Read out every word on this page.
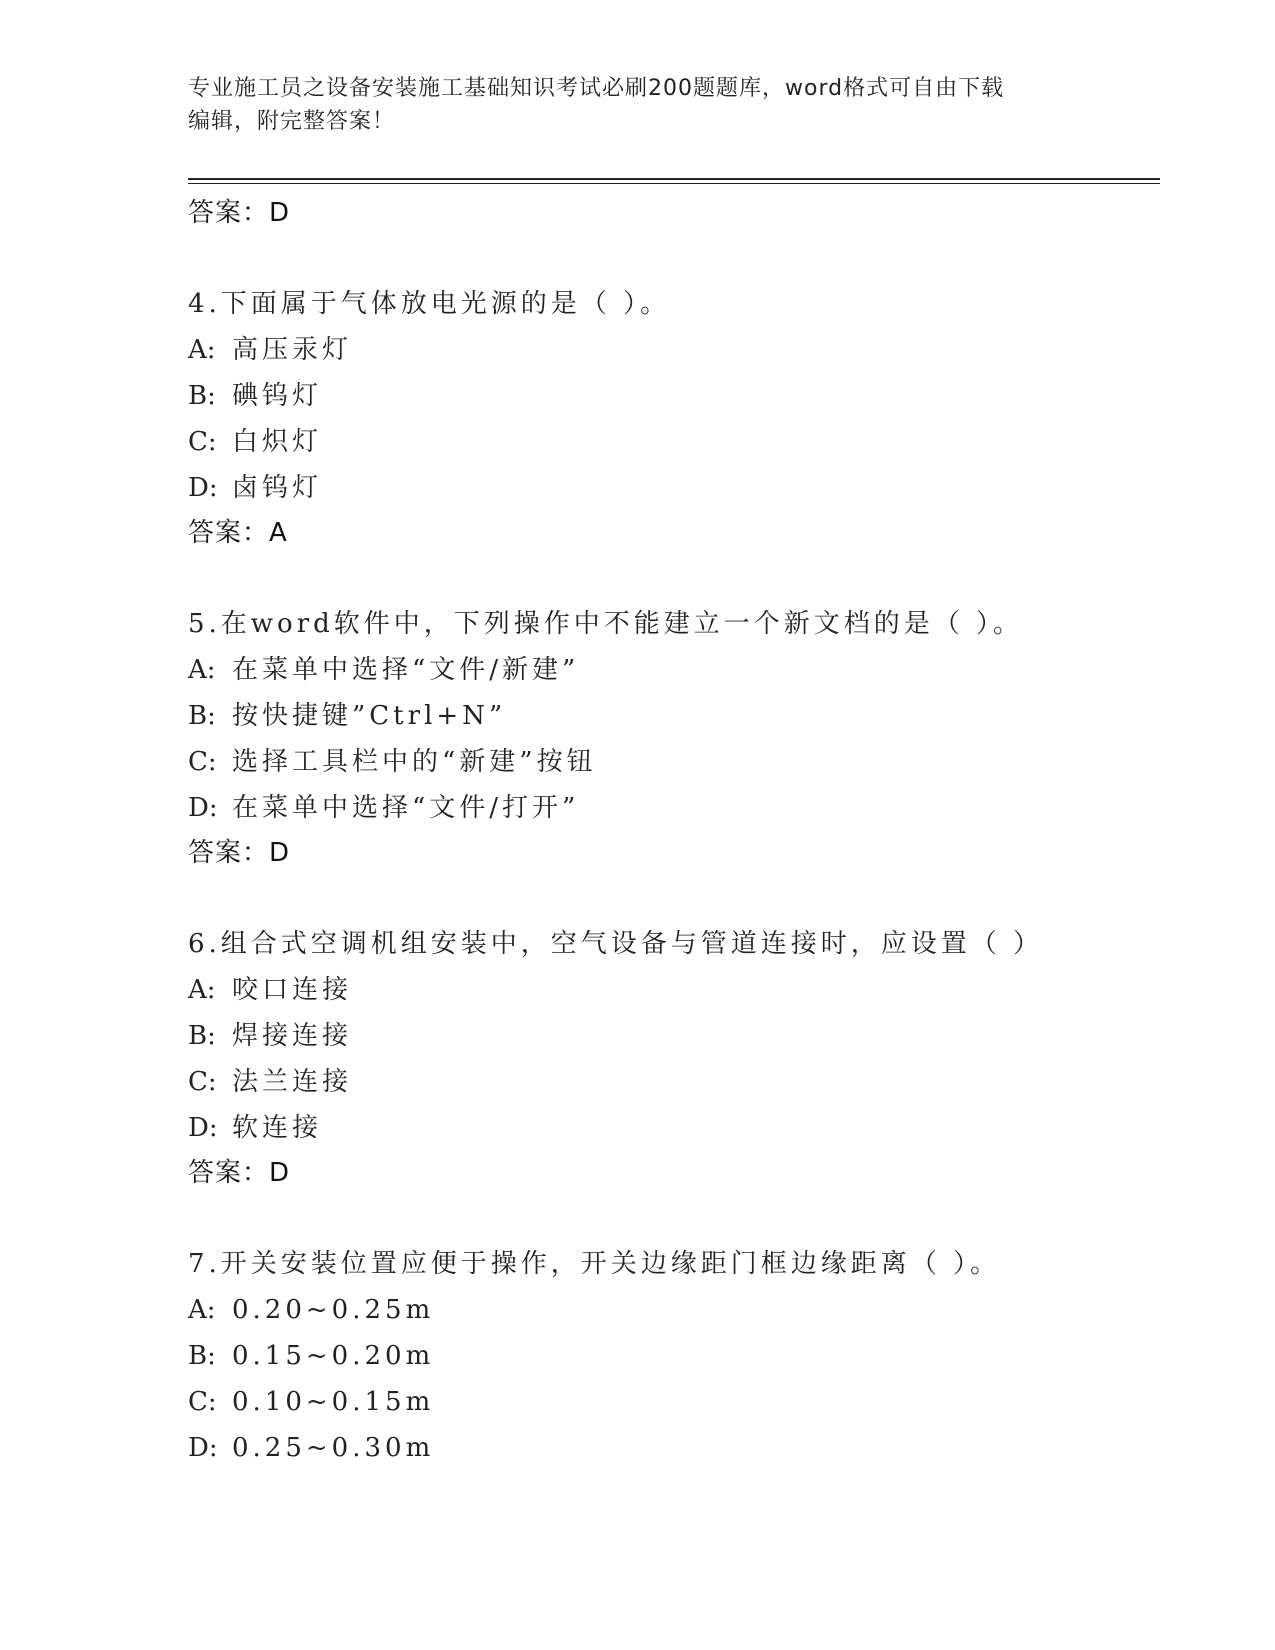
专业施工员之设备安装施工基础知识考试必刷200题题库，word格式可自由下载
编辑，附完整答案！
答案：D
4.下面属于气体放电光源的是（ ）。
A: 高压汞灯
B: 碘钨灯
C: 白炽灯
D: 卤钨灯
答案：A
5.在word软件中，下列操作中不能建立一个新文档的是（ ）。
A: 在菜单中选择“文件/新建”
B: 按快捷键”Ctrl+N”
C: 选择工具栏中的“新建”按钮
D: 在菜单中选择“文件/打开”
答案：D
6.组合式空调机组安装中，空气设备与管道连接时，应设置（ ）
A: 咬口连接
B: 焊接连接
C: 法兰连接
D: 软连接
答案：D
7.开关安装位置应便于操作，开关边缘距门框边缘距离（ ）。
A: 0.20~0.25m
B: 0.15~0.20m
C: 0.10~0.15m
D: 0.25~0.30m
